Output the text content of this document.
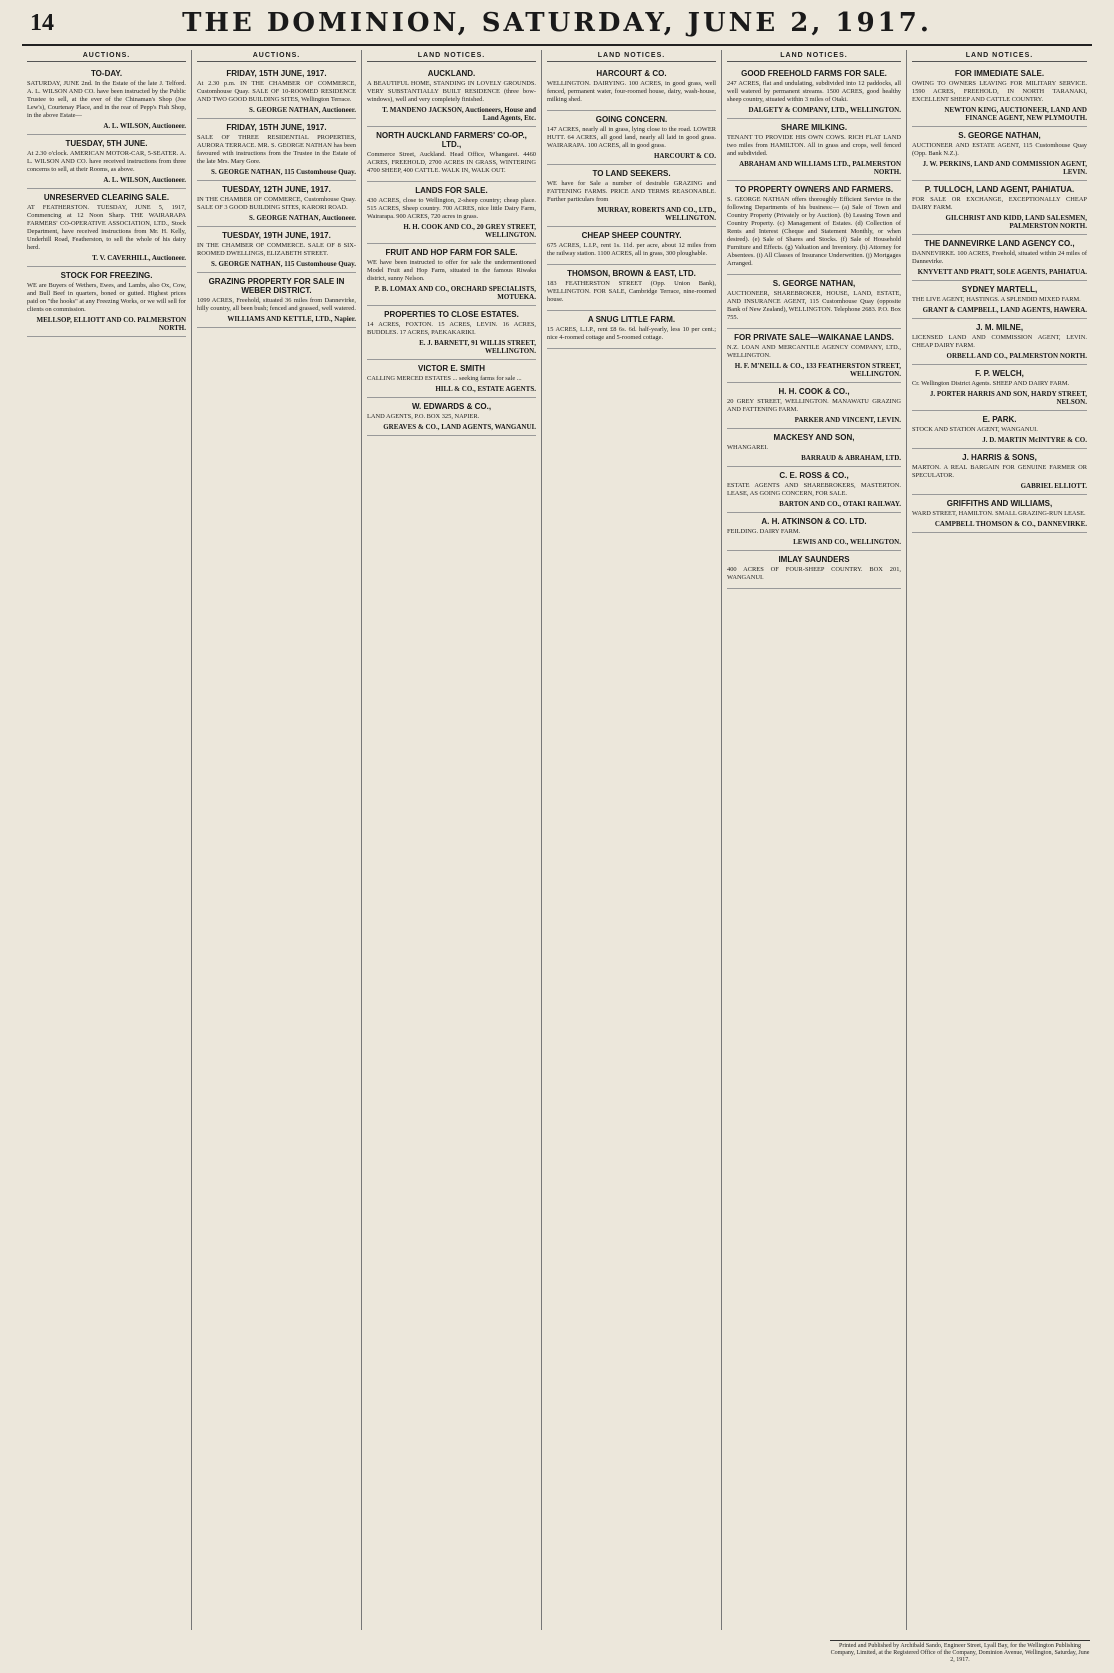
14	THE DOMINION, SATURDAY, JUNE 2, 1917.
AUCTIONS.
TO-DAY.

SATURDAY, JUNE 2nd. In the Estate of the late J. Telford. A. L. WILSON AND CO. have been instructed by the Public Trustee to sell, at the ever of the Chinaman's Shop (Joe Lew's), Courtenay Place, and in the rear of Pepp's Fish Shop, in the above Estate—

A. L. WILSON, Auctioneer.
TUESDAY, 5TH JUNE.

At 2.30 o'clock. AMERICAN MOTOR-CAR, 5-SEATER. A. L. WILSON AND CO. have received instructions from three concerns to sell, at their Rooms, as above.

A. L. WILSON, Auctioneer.
UNRESERVED CLEARING SALE.

AT FEATHERSTON. TUESDAY, JUNE 5, 1917, Commencing at 12 Noon Sharp. THE WAIRARAPA FARMERS' CO-OPERATIVE ASSOCIATION, LTD., Stock Department, have received instructions from Mr. H. Kelly, Underhill Road, Featherston, to sell the whole of his dairy herd.

T. V. CAVERHILL, Auctioneer.
STOCK FOR FREEZING.

WE are Buyers of Wethers, Ewes, and Lambs, also Ox, Cow, and Bull Beef in quarters, boned or gutted. Highest prices paid on "the hooks" at any Freezing Works, or we will sell for clients on commission.

MELLSOP, ELLIOTT AND CO. PALMERSTON NORTH.
AUCTIONS.
FRIDAY, 15TH JUNE, 1917.

At 2.30 p.m. IN THE CHAMBER OF COMMERCE, Customhouse Quay. SALE OF 10-ROOMED RESIDENCE AND TWO GOOD BUILDING SITES, Wellington Terrace.

S. GEORGE NATHAN, Auctioneer.
FRIDAY, 15TH JUNE, 1917.

SALE OF THREE RESIDENTIAL PROPERTIES, AURORA TERRACE. MR. S. GEORGE NATHAN has been favoured with instructions from the Trustee in the Estate of the late Mrs. Mary Gore.

S. GEORGE NATHAN, 115 Customhouse Quay.
TUESDAY, 12TH JUNE, 1917.

IN THE CHAMBER OF COMMERCE, Customhouse Quay. SALE OF 3 GOOD BUILDING SITES, KARORI ROAD.

S. GEORGE NATHAN, Auctioneer.
TUESDAY, 19TH JUNE, 1917.

IN THE CHAMBER OF COMMERCE. SALE OF 8 SIX-ROOMED DWELLINGS, ELIZABETH STREET.

S. GEORGE NATHAN, 115 Customhouse Quay.
GRAZING PROPERTY FOR SALE IN WEBER DISTRICT.

1099 ACRES, Freehold, situated 36 miles from Dannevirke, hilly country, all been bush; fenced and grassed, well watered.

WILLIAMS AND KETTLE, LTD., Napier.
LAND NOTICES.
AUCKLAND.

A BEAUTIFUL HOME, STANDING IN LOVELY GROUNDS. VERY SUBSTANTIALLY BUILT RESIDENCE (three bow-windows), well and very completely finished.

T. MANDENO JACKSON, Auctioneers, House and Land Agents, Etc.
NORTH AUCKLAND FARMERS' CO-OP., LTD.,

Commerce Street, Auckland. Head Office, Whangarei. 4460 ACRES, FREEHOLD, 2700 ACRES IN GRASS, WINTERING 4700 SHEEP, 400 CATTLE. WALK IN, WALK OUT.

LANDS FOR SALE.

430 ACRES, close to Wellington, 2-sheep country; cheap place. 515 ACRES, Sheep country. 700 ACRES, nice little Dairy Farm, Wairarapa. 900 ACRES, 720 acres in grass.

H. H. COOK AND CO., 20 GREY STREET, WELLINGTON.
FRUIT AND HOP FARM FOR SALE.

WE have been instructed to offer for sale the undermentioned Model Fruit and Hop Farm, situated in the famous Riwaka district, sunny Nelson.

P. B. LOMAX AND CO., ORCHARD SPECIALISTS, MOTUEKA.
PROPERTIES TO CLOSE ESTATES.

14 ACRES, FOXTON. 15 ACRES, LEVIN. 16 ACRES, BUDDLES. 17 ACRES, PAEKAKARIKI.

E. J. BARNETT, 91 WILLIS STREET, WELLINGTON.
VICTOR E. SMITH

CALLING MERCED ESTATES ... seeking farms for sale ...

HILL & CO., ESTATE AGENTS.
W. EDWARDS & CO.,

LAND AGENTS, P.O. BOX 325, NAPIER.

GREAVES & CO., LAND AGENTS, WANGANUI.
LAND NOTICES.
HARCOURT & CO.

WELLINGTON. DAIRYING. 100 ACRES, in good grass, well fenced, permanent water, four-roomed house, dairy, wash-house, milking shed.

GOING CONCERN.

147 ACRES, nearly all in grass, lying close to the road. LOWER HUTT. 64 ACRES, all good land, nearly all laid in good grass. WAIRARAPA. 100 ACRES, all in good grass.

HARCOURT & CO.
TO LAND SEEKERS.

WE have for Sale a number of desirable GRAZING and FATTENING FARMS. PRICE AND TERMS REASONABLE. Further particulars from

MURRAY, ROBERTS AND CO., LTD., WELLINGTON.
CHEAP SHEEP COUNTRY.

675 ACRES, L.I.P., rent 1s. 11d. per acre, about 12 miles from the railway station. 1100 ACRES, all in grass, 300 ploughable.

THOMSON, BROWN & EAST, LTD.

183 FEATHERSTON STREET (Opp. Union Bank), WELLINGTON. FOR SALE, Cambridge Terrace, nine-roomed house.

A SNUG LITTLE FARM.

15 ACRES, L.I.P., rent £8 6s. 6d. half-yearly, less 10 per cent.; nice 4-roomed cottage and 5-roomed cottage.

LAND NOTICES.
GOOD FREEHOLD FARMS FOR SALE.

247 ACRES, flat and undulating, subdivided into 12 paddocks, all well watered by permanent streams. 1500 ACRES, good healthy sheep country, situated within 3 miles of Otaki.

DALGETY & COMPANY, LTD., WELLINGTON.
SHARE MILKING.

TENANT TO PROVIDE HIS OWN COWS. RICH FLAT LAND two miles from HAMILTON. All in grass and crops, well fenced and subdivided.

ABRAHAM AND WILLIAMS LTD., PALMERSTON NORTH.
TO PROPERTY OWNERS AND FARMERS.

S. GEORGE NATHAN offers thoroughly Efficient Service in the following Departments of his business:— (a) Sale of Town and Country Property (Privately or by Auction). (b) Leasing Town and Country Property. (c) Management of Estates. (d) Collection of Rents and Interest (Cheque and Statement Monthly, or when desired). (e) Sale of Shares and Stocks. (f) Sale of Household Furniture and Effects. (g) Valuation and Inventory. (h) Attorney for Absentees. (i) All Classes of Insurance Underwritten. (j) Mortgages Arranged.

S. GEORGE NATHAN,

AUCTIONEER, SHAREBROKER, HOUSE, LAND, ESTATE, AND INSURANCE AGENT, 115 Customhouse Quay (opposite Bank of New Zealand), WELLINGTON. Telephone 2683. P.O. Box 755.

FOR PRIVATE SALE—WAIKANAE LANDS.

N.Z. LOAN AND MERCANTILE AGENCY COMPANY, LTD., WELLINGTON.

H. F. M'NEILL & CO., 133 FEATHERSTON STREET, WELLINGTON.
H. H. COOK & CO.,

20 GREY STREET, WELLINGTON. MANAWATU GRAZING AND FATTENING FARM.

PARKER AND VINCENT, LEVIN.
MACKESY AND SON,

WHANGAREI.

BARRAUD & ABRAHAM, LTD.
C. E. ROSS & CO.,

ESTATE AGENTS AND SHAREBROKERS, MASTERTON. LEASE, AS GOING CONCERN, FOR SALE.

BARTON AND CO., OTAKI RAILWAY.
A. H. ATKINSON & CO. LTD.

FEILDING. DAIRY FARM.

LEWIS AND CO., WELLINGTON.
IMLAY SAUNDERS

400 ACRES OF FOUR-SHEEP COUNTRY. BOX 201, WANGANUI.

LAND NOTICES.
FOR IMMEDIATE SALE.

OWING TO OWNERS LEAVING FOR MILITARY SERVICE. 1590 ACRES, FREEHOLD, IN NORTH TARANAKI, EXCELLENT SHEEP AND CATTLE COUNTRY.

NEWTON KING, AUCTIONEER, LAND AND FINANCE AGENT, NEW PLYMOUTH.
S. GEORGE NATHAN,

AUCTIONEER AND ESTATE AGENT, 115 Customhouse Quay (Opp. Bank N.Z.).

J. W. PERKINS, LAND AND COMMISSION AGENT, LEVIN.
P. TULLOCH, LAND AGENT, PAHIATUA.

FOR SALE OR EXCHANGE, EXCEPTIONALLY CHEAP DAIRY FARM.

GILCHRIST AND KIDD, LAND SALESMEN, PALMERSTON NORTH.
THE DANNEVIRKE LAND AGENCY CO.,

DANNEVIRKE. 100 ACRES, Freehold, situated within 24 miles of Dannevirke.

KNYVETT AND PRATT, SOLE AGENTS, PAHIATUA.
SYDNEY MARTELL,

THE LIVE AGENT, HASTINGS. A SPLENDID MIXED FARM.

GRANT & CAMPBELL, LAND AGENTS, HAWERA.
J. M. MILNE,

LICENSED LAND AND COMMISSION AGENT, LEVIN. CHEAP DAIRY FARM.

ORBELL AND CO., PALMERSTON NORTH.
F. P. WELCH,

Cr. Wellington District Agents. SHEEP AND DAIRY FARM.

J. PORTER HARRIS AND SON, HARDY STREET, NELSON.
E. PARK.

STOCK AND STATION AGENT, WANGANUI.

J. D. MARTIN McINTYRE & CO.
J. HARRIS & SONS,

MARTON. A REAL BARGAIN FOR GENUINE FARMER OR SPECULATOR.

GABRIEL ELLIOTT.
GRIFFITHS AND WILLIAMS,

WARD STREET, HAMILTON. SMALL GRAZING-RUN LEASE.

CAMPBELL THOMSON & CO., DANNEVIRKE.
Printed and Published by Archibald Sando, Engineer Street, Lyall Bay, for the Wellington Publishing Company, Limited, at the Registered Office of the Company, Dominion Avenue, Wellington, Saturday, June 2, 1917.
